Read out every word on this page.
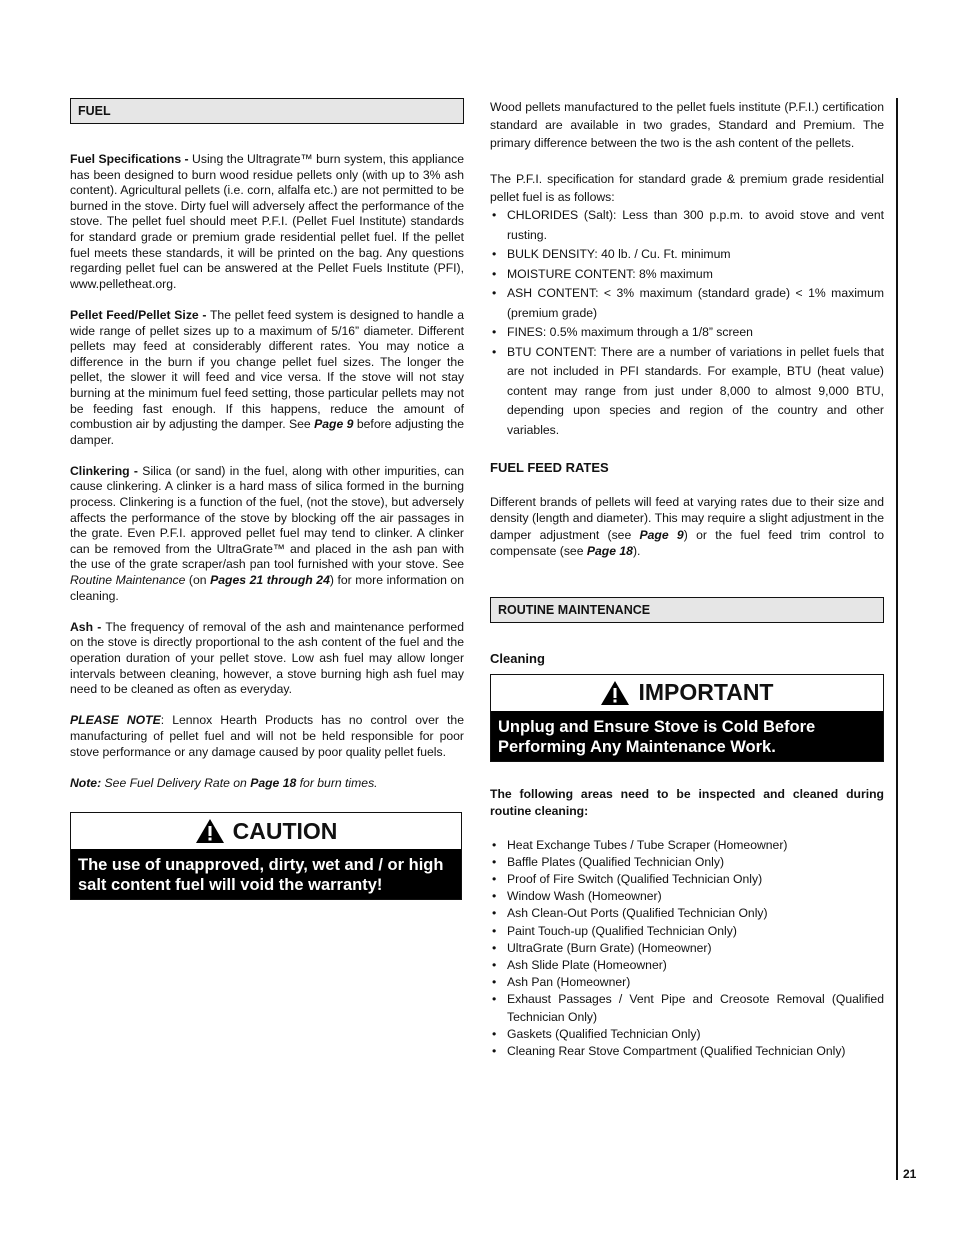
FUEL

Fuel Specifications - Using the Ultragrate™ burn system, this appliance has been designed to burn wood residue pellets only (with up to 3% ash content). Agricultural pellets (i.e. corn, alfalfa etc.) are not permitted to be burned in the stove. Dirty fuel will adversely affect the performance of the stove. The pellet fuel should meet P.F.I. (Pellet Fuel Institute) standards for standard grade or premium grade residential pellet fuel. If the pellet fuel meets these standards, it will be printed on the bag. Any questions regarding pellet fuel can be answered at the Pellet Fuels Institute (PFI), www.pelletheat.org.

Pellet Feed/Pellet Size - The pellet feed system is designed to handle a wide range of pellet sizes up to a maximum of 5/16” diameter. Different pellets may feed at considerably different rates. You may notice a difference in the burn if you change pellet fuel sizes. The longer the pellet, the slower it will feed and vice versa. If the stove will not stay burning at the minimum fuel feed setting, those particular pellets may not be feeding fast enough. If this happens, reduce the amount of combustion air by adjusting the damper. See Page 9 before adjusting the damper.

Clinkering - Silica (or sand) in the fuel, along with other impurities, can cause clinkering. A clinker is a hard mass of silica formed in the burning process. Clinkering is a function of the fuel, (not the stove), but adversely affects the performance of the stove by blocking off the air passages in the grate. Even P.F.I. approved pellet fuel may tend to clinker. A clinker can be removed from the UltraGrate™ and placed in the ash pan with the use of the grate scraper/ash pan tool furnished with your stove. See Routine Maintenance (on Pages 21 through 24) for more information on cleaning.

Ash - The frequency of removal of the ash and maintenance performed on the stove is directly proportional to the ash content of the fuel and the operation duration of your pellet stove. Low ash fuel may allow longer intervals between cleaning, however, a stove burning high ash fuel may need to be cleaned as often as everyday.

PLEASE NOTE: Lennox Hearth Products has no control over the manufacturing of pellet fuel and will not be held responsible for poor stove performance or any damage caused by poor quality pellet fuels.

Note: See Fuel Delivery Rate on Page 18 for burn times.

CAUTION
The use of unapproved, dirty, wet and / or high salt content fuel will void the warranty!

Wood pellets manufactured to the pellet fuels institute (P.F.I.) certification standard are available in two grades, Standard and Premium. The primary difference between the two is the ash content of the pellets.

The P.F.I. specification for standard grade & premium grade residential pellet fuel is as follows:

• CHLORIDES (Salt): Less than 300 p.p.m. to avoid stove and vent rusting.
• BULK DENSITY: 40 lb. / Cu. Ft. minimum
• MOISTURE CONTENT: 8% maximum
• ASH CONTENT: < 3% maximum (standard grade) < 1% maximum (premium grade)
• FINES: 0.5% maximum through a 1/8” screen
• BTU CONTENT: There are a number of variations in pellet fuels that are not included in PFI standards. For example, BTU (heat value) content may range from just under 8,000 to almost 9,000 BTU, depending upon species and region of the country and other variables.
FUEL FEED RATES

Different brands of pellets will feed at varying rates due to their size and density (length and diameter). This may require a slight adjustment in the damper adjustment (see Page 9) or the fuel feed trim control to compensate (see Page 18).

ROUTINE MAINTENANCE
Cleaning
IMPORTANT
Unplug and Ensure Stove is Cold Before Performing Any Maintenance Work.

The following areas need to be inspected and cleaned during routine cleaning:

• Heat Exchange Tubes / Tube Scraper (Homeowner)
• Baffle Plates (Qualified Technician Only)
• Proof of Fire Switch (Qualified Technician Only)
• Window Wash (Homeowner)
• Ash Clean-Out Ports (Qualified Technician Only)
• Paint Touch-up (Qualified Technician Only)
• UltraGrate (Burn Grate) (Homeowner)
• Ash Slide Plate (Homeowner)
• Ash Pan (Homeowner)
• Exhaust Passages / Vent Pipe and Creosote Removal (Qualified Technician Only)
• Gaskets (Qualified Technician Only)
• Cleaning Rear Stove Compartment (Qualified Technician Only)
21
